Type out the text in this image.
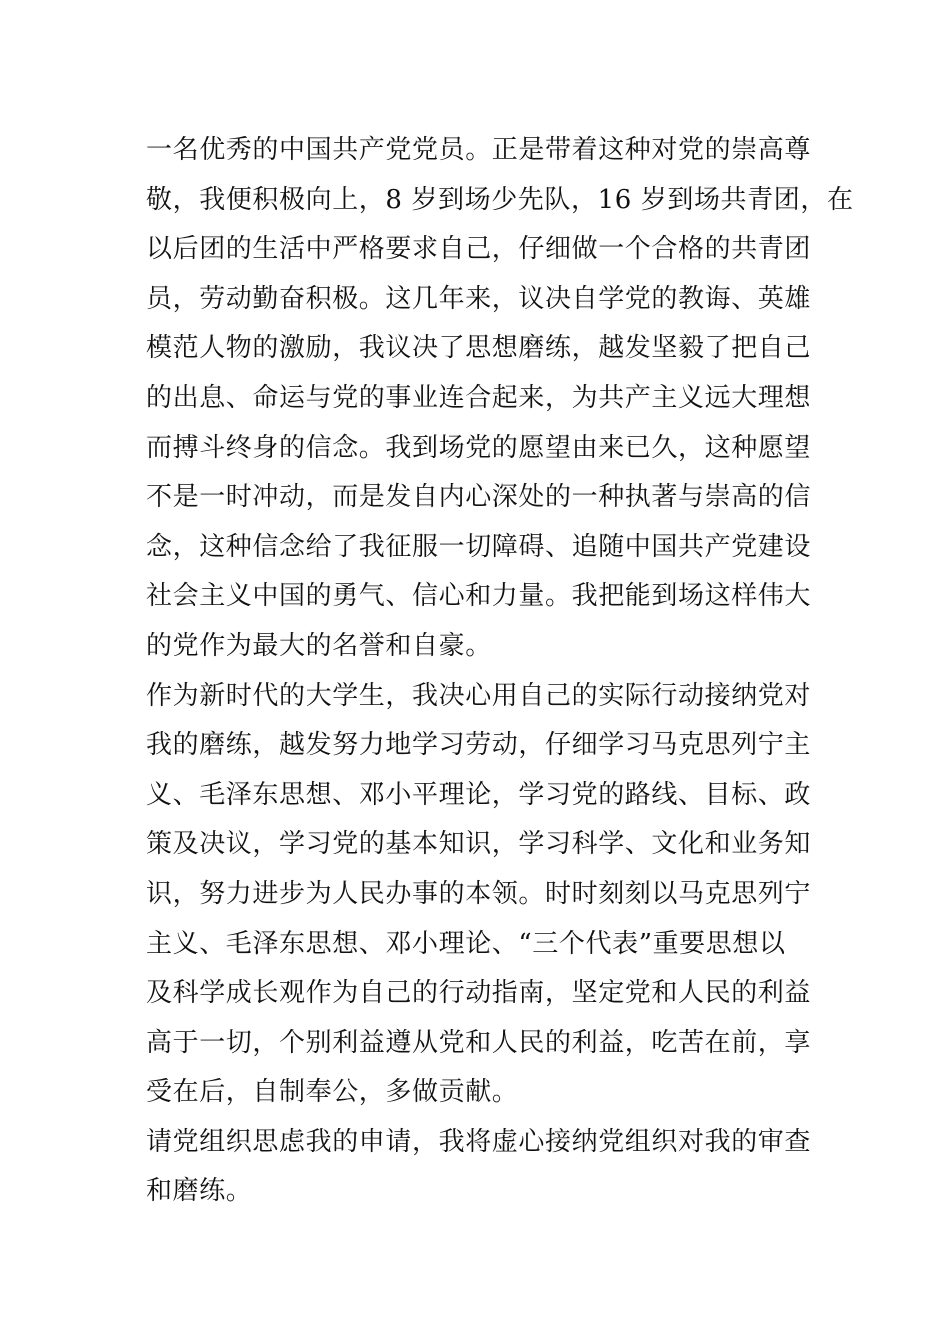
一名优秀的中国共产党党员。正是带着这种对党的崇高尊
敬，我便积极向上，8 岁到场少先队，16 岁到场共青团，在
以后团的生活中严格要求自己，仔细做一个合格的共青团
员，劳动勤奋积极。这几年来，议决自学党的教诲、英雄
模范人物的激励，我议决了思想磨练，越发坚毅了把自己
的出息、命运与党的事业连合起来，为共产主义远大理想
而搏斗终身的信念。我到场党的愿望由来已久，这种愿望
不是一时冲动，而是发自内心深处的一种执著与崇高的信
念，这种信念给了我征服一切障碍、追随中国共产党建设
社会主义中国的勇气、信心和力量。我把能到场这样伟大
的党作为最大的名誉和自豪。
作为新时代的大学生，我决心用自己的实际行动接纳党对
我的磨练，越发努力地学习劳动，仔细学习马克思列宁主
义、毛泽东思想、邓小平理论，学习党的路线、目标、政
策及决议，学习党的基本知识，学习科学、文化和业务知
识，努力进步为人民办事的本领。时时刻刻以马克思列宁
主义、毛泽东思想、邓小理论、“三个代表”重要思想以
及科学成长观作为自己的行动指南，坚定党和人民的利益
高于一切，个别利益遵从党和人民的利益，吃苦在前，享
受在后，自制奉公，多做贡献。
请党组织思虑我的申请，我将虚心接纳党组织对我的审查
和磨练。
